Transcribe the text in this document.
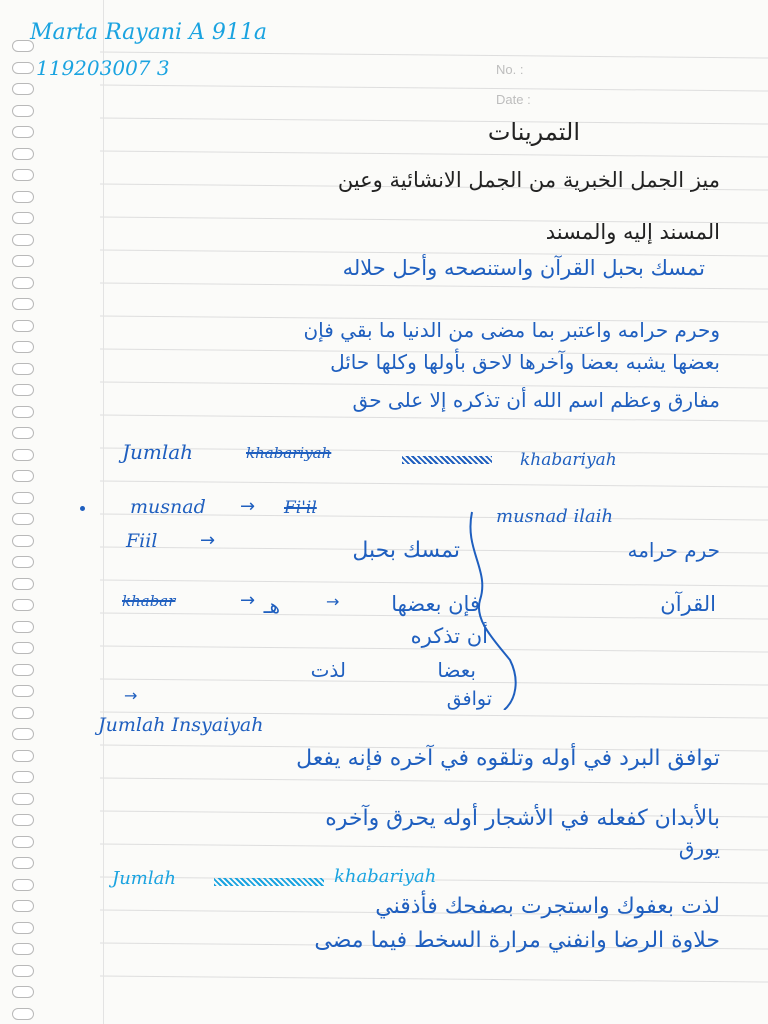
No. :
Date :
Marta Rayani A 911a
119203007 3
التمرينات
ميز الجمل الخبرية من الجمل الانشائية وعين
المسند إليه والمسند
تمسك بحبل القرآن واستنصحه وأحل حلاله
وحرم حرامه واعتبر بما مضى من الدنيا ما بقي فإن
بعضها يشبه بعضا وآخرها لاحق بأولها وكلها حائل
مفارق وعظم اسم الله أن تذكره إلا على حق
Jumlah	khabariyah	khabariyah
musnad → Fi'il	musnad ilaih
Fiil →	تمسك بحبل	حرم حرامه
khabar	→	→
هـ	فإن بعضها	القرآن
أن تذكره
لذت	بعضا
توافق
→
Jumlah Insyaiyah
توافق البرد في أوله وتلقوه في آخره فإنه يفعل
بالأبدان كفعله في الأشجار أوله يحرق وآخره
يورق
Jumlah	khabariyah
لذت بعفوك واستجرت بصفحك فأذقني
حلاوة الرضا وانفني مرارة السخط فيما مضى
